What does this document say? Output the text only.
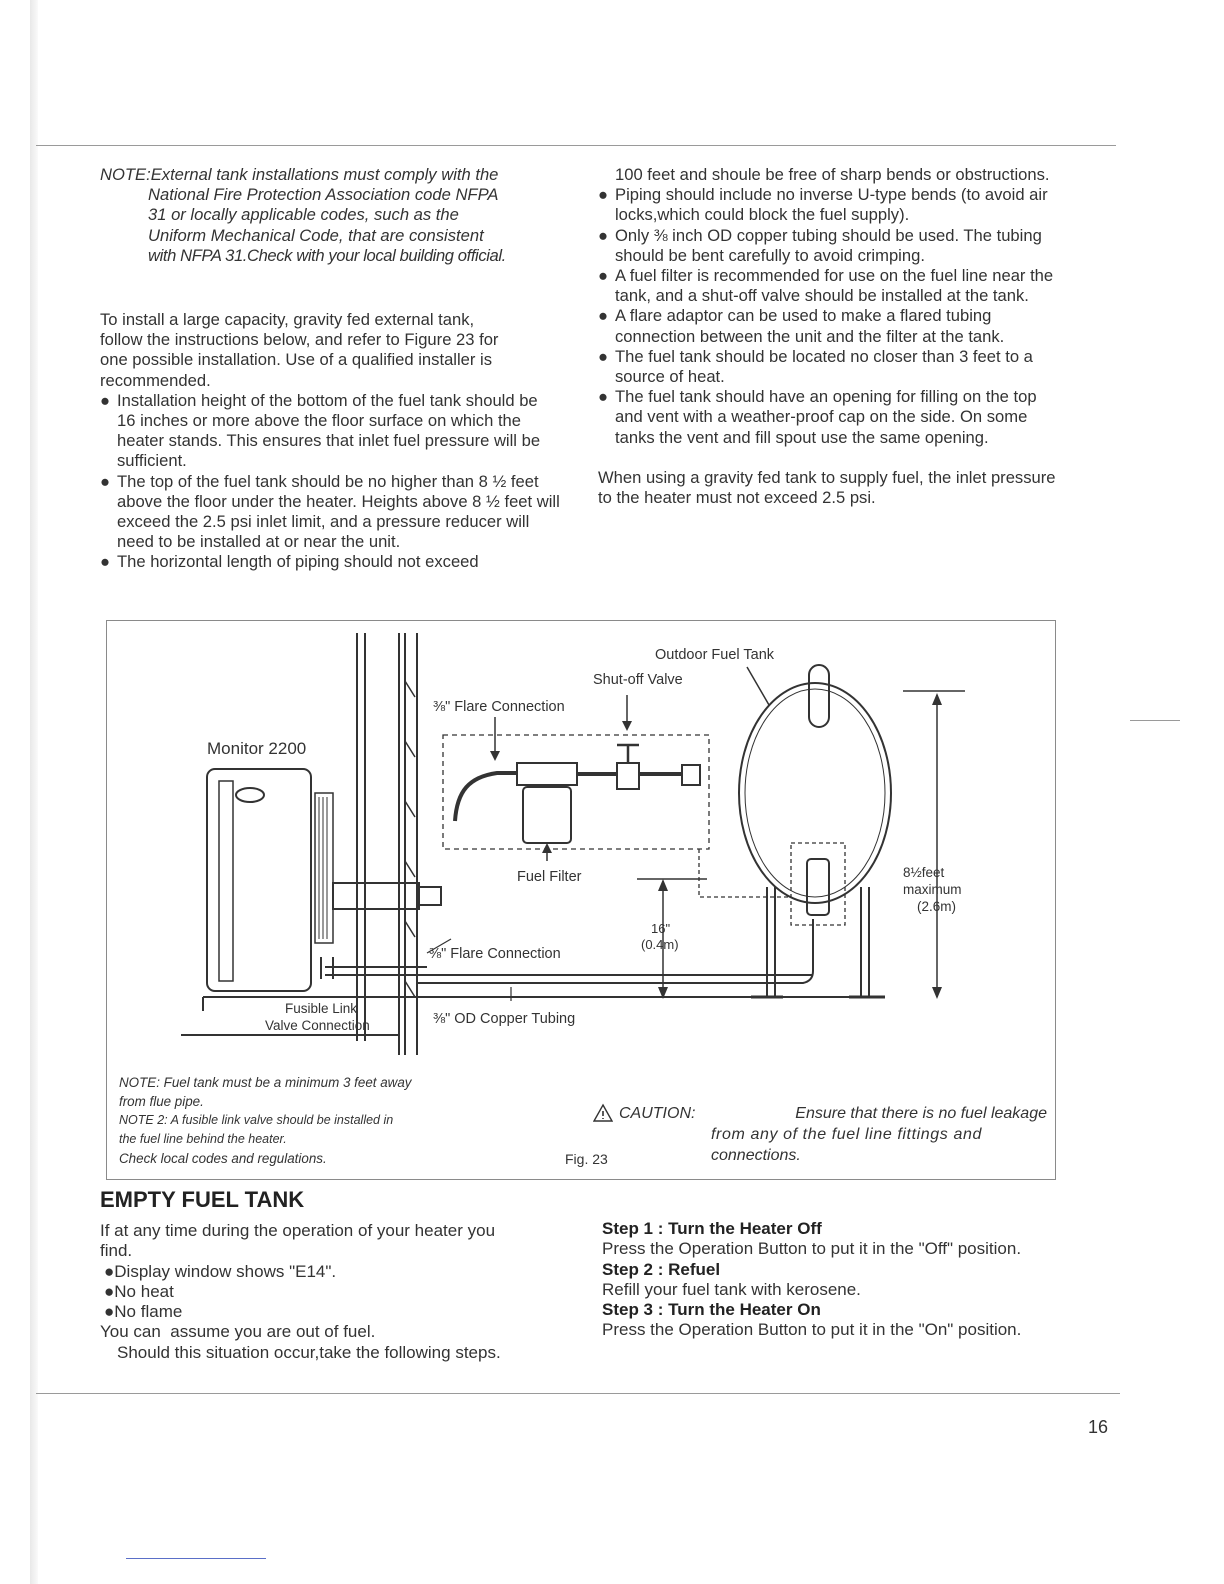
NOTE:External tank installations must comply with the
National Fire Protection Association code NFPA
31 or locally applicable codes, such as the
Uniform Mechanical Code, that are consistent
with NFPA 31.Check with your local building official.

To install a large capacity, gravity fed external tank,

follow the instructions below, and refer to Figure 23 for

one possible installation. Use of a qualified installer is

recommended.

● Installation height of the bottom of the fuel tank should be 16 inches or more above the floor surface on which the heater stands. This ensures that inlet fuel pressure will be sufficient.

● The top of the fuel tank should be no higher than 8 ½ feet above the floor under the heater. Heights above 8 ½ feet will exceed the 2.5 psi inlet limit, and a pressure reducer will need to be installed at or near the unit.

● The horizontal length of piping should not exceed

100 feet and shoule be free of sharp bends or obstructions.

● Piping should include no inverse U-type bends (to avoid air locks,which could block the fuel supply).

● Only ⅜ inch OD copper tubing should be used. The tubing should be bent carefully to avoid crimping.

● A fuel filter is recommended for use on the fuel line near the tank, and a shut-off valve should be installed at the tank.

● A flare adaptor can be used to make a flared tubing connection between the unit and the filter at the tank.

● The fuel tank should be located no closer than 3 feet to a source of heat.

● The fuel tank should have an opening for filling on the top and vent with a weather-proof cap on the side. On some tanks the vent and fill spout use the same opening.

When using a gravity fed tank to supply fuel, the inlet pressure to the heater must not exceed 2.5 psi.

Outdoor Fuel Tank
Shut-off Valve
⅜" Flare Connection
Monitor 2200
Fuel Filter
16"
(0.4m)
8½feet
maximum
(2.6m)
⅜" Flare Connection
Fusible Link
Valve Connection	⅜" OD Copper Tubing
NOTE: Fuel tank must be a minimum 3 feet away
from flue pipe.
NOTE 2: A fusible link valve should be installed in
the fuel line behind the heater.
Check local codes and regulations.	Fig. 23
CAUTION:	Ensure that there is no fuel leakage
from any of the fuel line fittings and
connections.
EMPTY FUEL TANK

If at any time during the operation of your heater you

find.

●Display window shows "E14".

●No heat

●No flame

You can  assume you are out of fuel.

Should this situation occur,take the following steps.

Step 1 : Turn the Heater Off

Press the Operation Button to put it in the "Off" position.

Step 2 : Refuel

Refill your fuel tank with kerosene.

Step 3 : Turn the Heater On

Press the Operation Button to put it in the "On" position.

16
